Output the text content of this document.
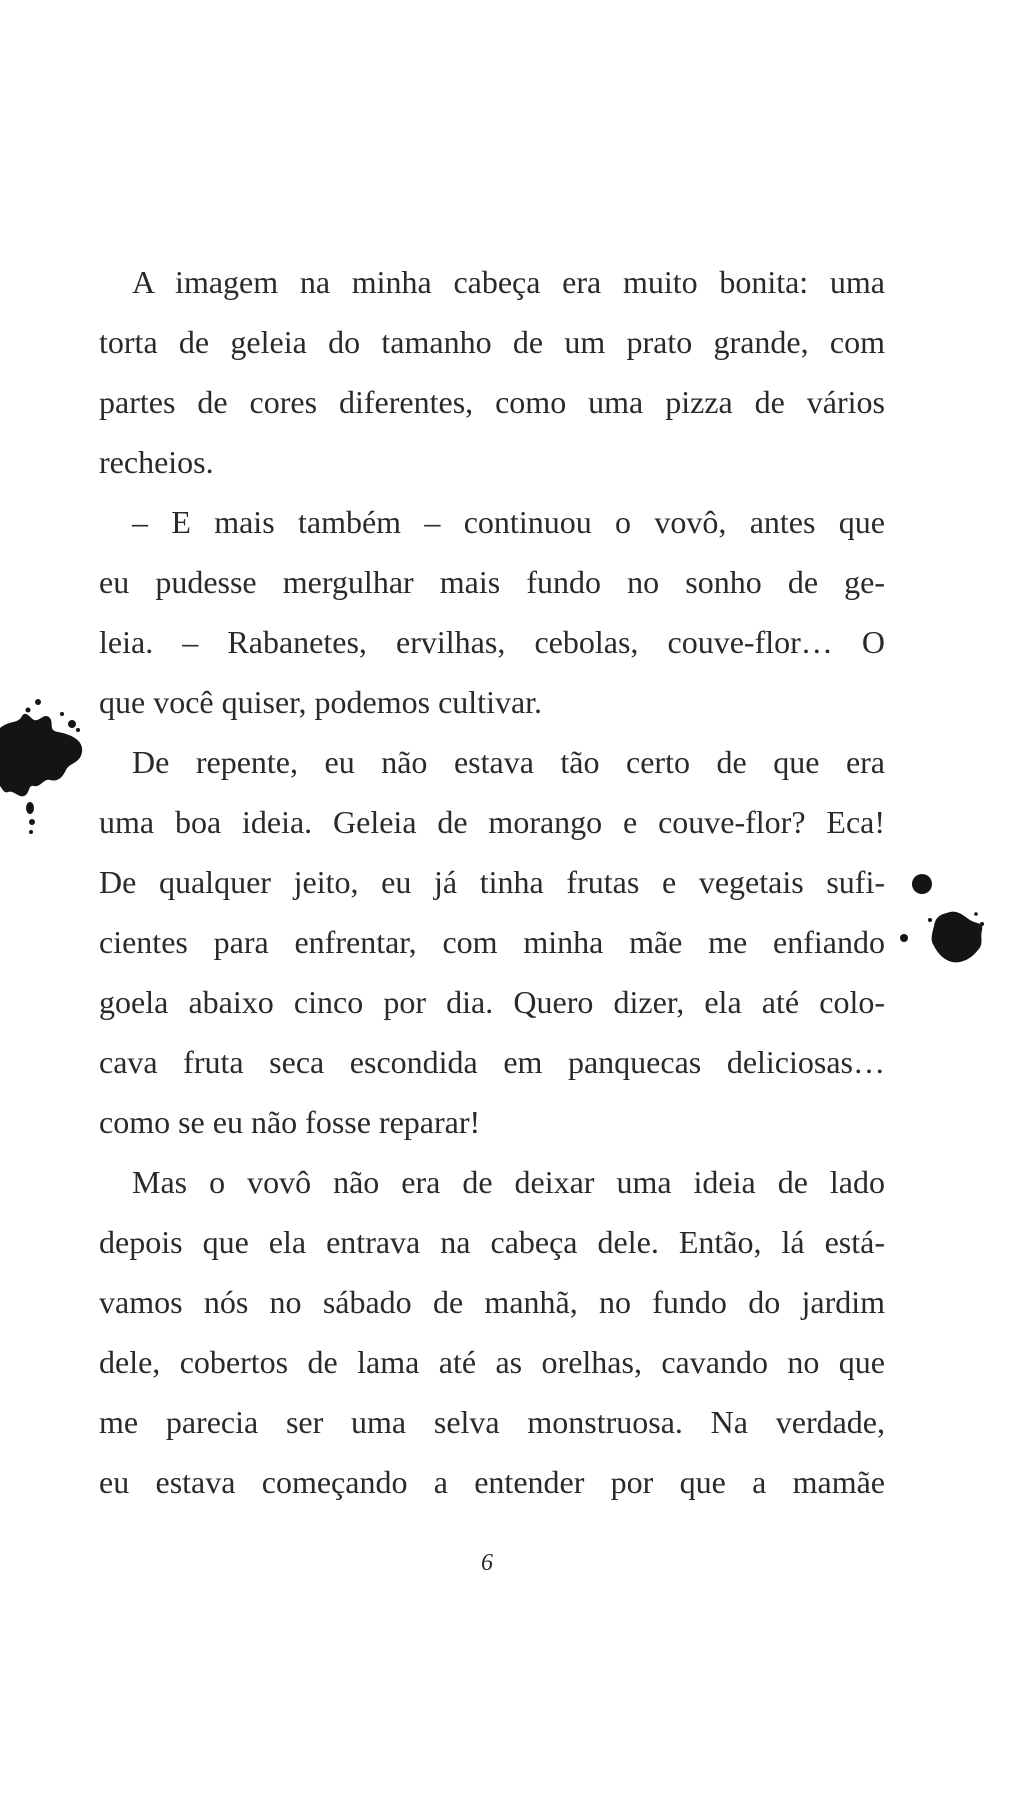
A imagem na minha cabeça era muito bonita: uma
torta de geleia do tamanho de um prato grande, com
partes de cores diferentes, como uma pizza de vários
recheios.
– E mais também – continuou o vovô, antes que
eu pudesse mergulhar mais fundo no sonho de ge-
leia. – Rabanetes, ervilhas, cebolas, couve-flor… O
que você quiser, podemos cultivar.
De repente, eu não estava tão certo de que era
uma boa ideia. Geleia de morango e couve-flor? Eca!
De qualquer jeito, eu já tinha frutas e vegetais sufi-
cientes para enfrentar, com minha mãe me enfiando
goela abaixo cinco por dia. Quero dizer, ela até colo-
cava fruta seca escondida em panquecas deliciosas…
como se eu não fosse reparar!
Mas o vovô não era de deixar uma ideia de lado
depois que ela entrava na cabeça dele. Então, lá está-
vamos nós no sábado de manhã, no fundo do jardim
dele, cobertos de lama até as orelhas, cavando no que
me parecia ser uma selva monstruosa. Na verdade,
eu estava começando a entender por que a mamãe
6
